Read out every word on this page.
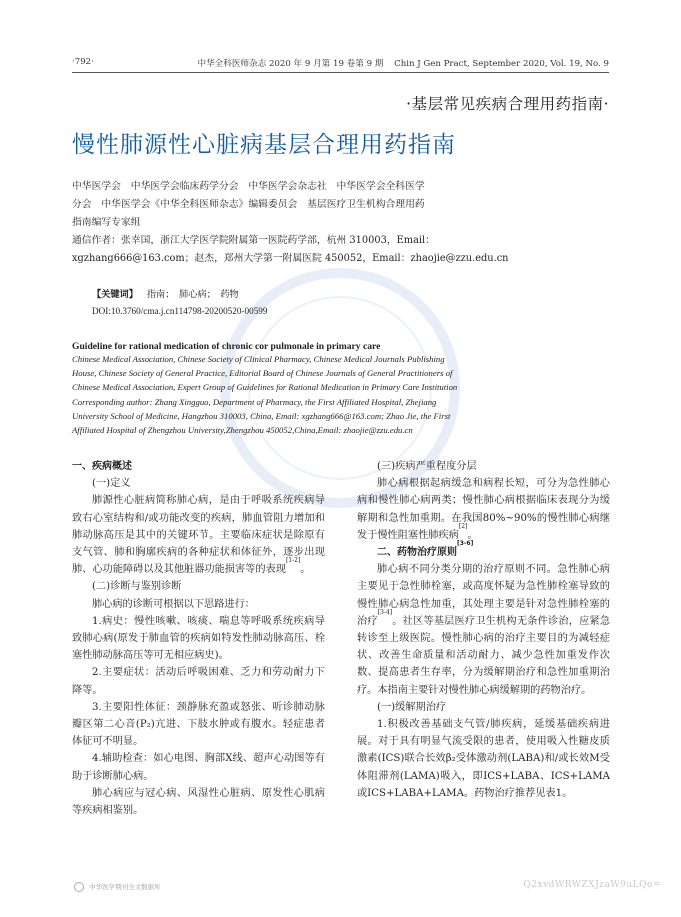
·792·	中华全科医师杂志 2020 年 9 月第 19 卷第 9 期 Chin J Gen Pract, September 2020, Vol. 19, No. 9
·基层常见疾病合理用药指南·
慢性肺源性心脏病基层合理用药指南
中华医学会　中华医学会临床药学分会　中华医学会杂志社　中华医学会全科医学
分会　中华医学会《中华全科医师杂志》编辑委员会　基层医疗卫生机构合理用药
指南编写专家组
通信作者：张幸国，浙江大学医学院附属第一医院药学部，杭州 310003，Email：
xgzhang666@163.com；赵杰，郑州大学第一附属医院 450052，Email：zhaojie@zzu.edu.cn
【关键词】 指南；　肺心病；　药物
DOI:10.3760/cma.j.cn114798-20200520-00599
Guideline for rational medication of chronic cor pulmonale in primary care
Chinese Medical Association, Chinese Society of Clinical Pharmacy, Chinese Medical Journals Publishing
House, Chinese Society of General Practice, Editorial Board of Chinese Journals of General Practitioners of
Chinese Medical Association, Expert Group of Guidelines for Rational Medication in Primary Care Institution
Corresponding author: Zhang Xingguo, Department of Pharmacy, the First Affiliated Hospital, Zhejiang
University School of Medicine, Hangzhou 310003, China, Email: xgzhang666@163.com; Zhao Jie, the First
Affiliated Hospital of Zhengzhou University,Zhengzhou 450052,China,Email: zhaojie@zzu.edu.cn

一、疾病概述

(一)定义

肺源性心脏病简称肺心病，是由于呼吸系统疾病导致右心室结构和/或功能改变的疾病，肺血管阻力增加和肺动脉高压是其中的关键环节。主要临床症状是除原有支气管、肺和胸廓疾病的各种症状和体征外，逐步出现肺、心功能障碍以及其他脏器功能损害等的表现[1-2]。

(二)诊断与鉴别诊断

肺心病的诊断可根据以下思路进行：

1.病史：慢性咳嗽、咳痰、喘息等呼吸系统疾病导致肺心病(原发于肺血管的疾病如特发性肺动脉高压、栓塞性肺动脉高压等可无相应病史)。

2.主要症状：活动后呼吸困难、乏力和劳动耐力下降等。

3.主要阳性体征：颈静脉充盈或怒张、听诊肺动脉瓣区第二心音(P₂)亢进、下肢水肿或有腹水。轻症患者体征可不明显。

4.辅助检查：如心电图、胸部X线、超声心动图等有助于诊断肺心病。

肺心病应与冠心病、风湿性心脏病、原发性心肌病等疾病相鉴别。

(三)疾病严重程度分层

肺心病根据起病缓急和病程长短，可分为急性肺心病和慢性肺心病两类；慢性肺心病根据临床表现分为缓解期和急性加重期。在我国80%~90%的慢性肺心病继发于慢性阻塞性肺疾病[2]。

二、药物治疗原则[3-6]

肺心病不同分类分期的治疗原则不同。急性肺心病主要见于急性肺栓塞，或高度怀疑为急性肺栓塞导致的慢性肺心病急性加重，其处理主要是针对急性肺栓塞的治疗[3-4]。社区等基层医疗卫生机构无条件诊治，应紧急转诊至上级医院。慢性肺心病的治疗主要目的为减轻症状、改善生命质量和活动耐力、减少急性加重发作次数、提高患者生存率，分为缓解期治疗和急性加重期治疗。本指南主要针对慢性肺心病缓解期的药物治疗。

(一)缓解期治疗

1.积极改善基础支气管/肺疾病，延缓基础疾病进展。对于具有明显气流受限的患者，使用吸入性糖皮质激素(ICS)联合长效β₂受体激动剂(LABA)和/或长效M受体阻滞剂(LAMA)吸入，即ICS+LABA、ICS+LAMA或ICS+LABA+LAMA。药物治疗推荐见表1。

中华医学期刊全文数据库	Q2xvdWRWZXJzaW9uLQo=
